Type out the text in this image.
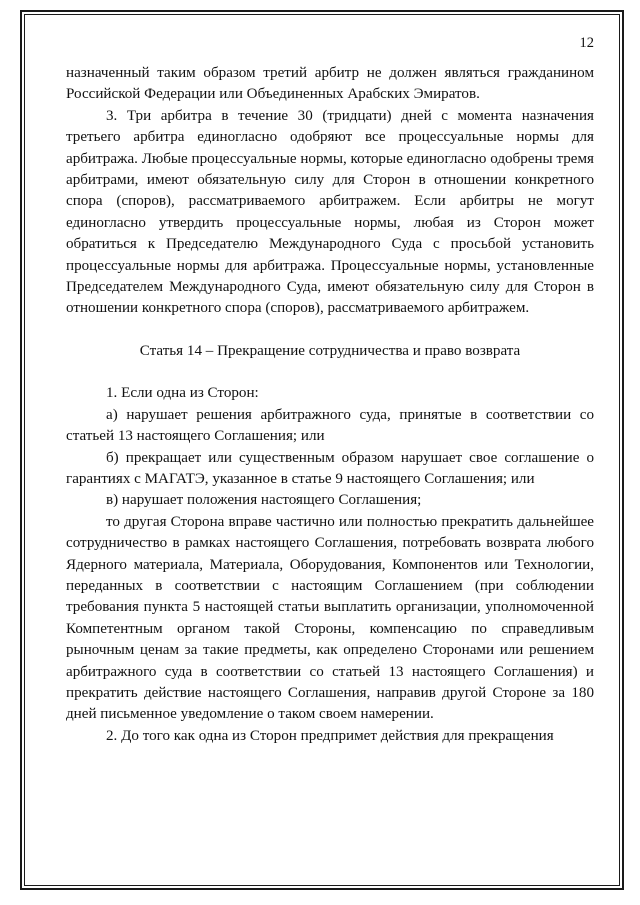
12

назначенный таким образом третий арбитр не должен являться гражданином Российской Федерации или Объединенных Арабских Эмиратов.

3. Три арбитра в течение 30 (тридцати) дней с момента назначения третьего арбитра единогласно одобряют все процессуальные нормы для арбитража. Любые процессуальные нормы, которые единогласно одобрены тремя арбитрами, имеют обязательную силу для Сторон в отношении конкретного спора (споров), рассматриваемого арбитражем. Если арбитры не могут единогласно утвердить процессуальные нормы, любая из Сторон может обратиться к Председателю Международного Суда с просьбой установить процессуальные нормы для арбитража. Процессуальные нормы, установленные Председателем Международного Суда, имеют обязательную силу для Сторон в отношении конкретного спора (споров), рассматриваемого арбитражем.

Статья 14 – Прекращение сотрудничества и право возврата

1. Если одна из Сторон:

а) нарушает решения арбитражного суда, принятые в соответствии со статьей 13 настоящего Соглашения; или

б) прекращает или существенным образом нарушает свое соглашение о гарантиях с МАГАТЭ, указанное в статье 9 настоящего Соглашения; или

в) нарушает положения настоящего Соглашения;

то другая Сторона вправе частично или полностью прекратить дальнейшее сотрудничество в рамках настоящего Соглашения, потребовать возврата любого Ядерного материала, Материала, Оборудования, Компонентов или Технологии, переданных в соответствии с настоящим Соглашением (при соблюдении требования пункта 5 настоящей статьи выплатить организации, уполномоченной Компетентным органом такой Стороны, компенсацию по справедливым рыночным ценам за такие предметы, как определено Сторонами или решением арбитражного суда в соответствии со статьей 13 настоящего Соглашения) и прекратить действие настоящего Соглашения, направив другой Стороне за 180 дней письменное уведомление о таком своем намерении.

2. До того как одна из Сторон предпримет действия для прекращения
